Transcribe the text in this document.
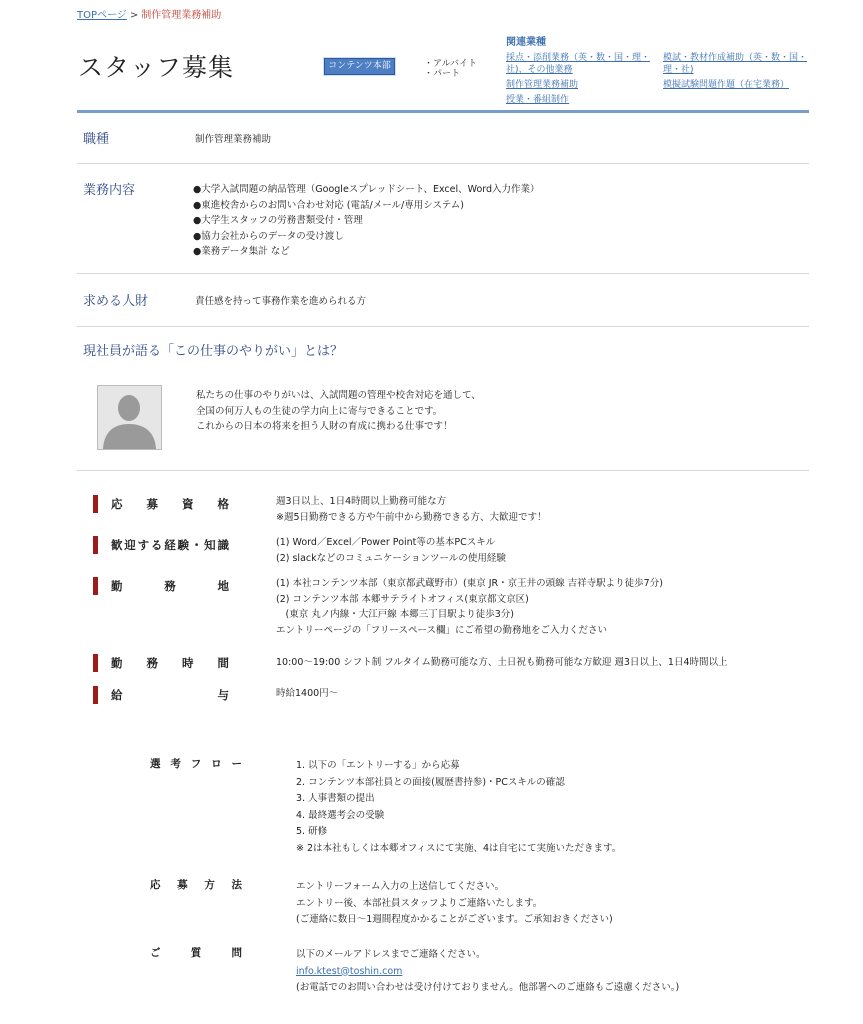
TOPページ > 制作管理業務補助
スタッフ募集	コンテンツ本部	・アルバイト
・パート
関連業種
採点・添削業務（英・数・国・理・社)、その他業務
模試・教材作成補助（英・数・国・理・社)
制作管理業務補助	模擬試験問題作題（在宅業務）
授業・番組制作
職種	制作管理業務補助
業務内容	●大学入試問題の納品管理（Googleスプレッドシート、Excel、Word入力作業）
●東進校舎からのお問い合わせ対応 (電話/メール/専用システム)
●大学生スタッフの労務書類受付・管理
●協力会社からのデータの受け渡し
●業務データ集計 など
求める人財	責任感を持って事務作業を進められる方
現社員が語る「この仕事のやりがい」とは？
私たちの仕事のやりがいは、入試問題の管理や校舎対応を通して、
全国の何万人もの生徒の学力向上に寄与できることです。
これからの日本の将来を担う人財の育成に携わる仕事です！
応募資格	週3日以上、1日4時間以上勤務可能な方
※週5日勤務できる方や午前中から勤務できる方、大歓迎です！
歓迎する経験・知識	(1) Word／Excel／Power Point等の基本PCスキル
(2) slackなどのコミュニケーションツールの使用経験
勤務地	(1) 本社コンテンツ本部（東京都武蔵野市）(東京 JR・京王井の頭線 吉祥寺駅より徒歩7分)
(2) コンテンツ本部 本郷サテライトオフィス(東京都文京区)
　(東京 丸ノ内線・大江戸線 本郷三丁目駅より徒歩3分)
エントリーページの「フリースペース欄」にご希望の勤務地をご入力ください
勤務時間	10:00〜19:00 シフト制 フルタイム勤務可能な方、土日祝も勤務可能な方歓迎 週3日以上、1日4時間以上
給与	時給1400円〜
選考フロー	1. 以下の「エントリーする」から応募
2. コンテンツ本部社員との面接(履歴書持参)・PCスキルの確認
3. 人事書類の提出
4. 最終選考会の受験
5. 研修
※ 2は本社もしくは本郷オフィスにて実施、4は自宅にて実施いただきます。
応募方法	エントリーフォーム入力の上送信してください。
エントリー後、本部社員スタッフよりご連絡いたします。
(ご連絡に数日〜1週間程度かかることがございます。ご承知おきください)
ご質問	以下のメールアドレスまでご連絡ください。
info.ktest@toshin.com
(お電話でのお問い合わせは受け付けておりません。他部署へのご連絡もご遠慮ください。)
